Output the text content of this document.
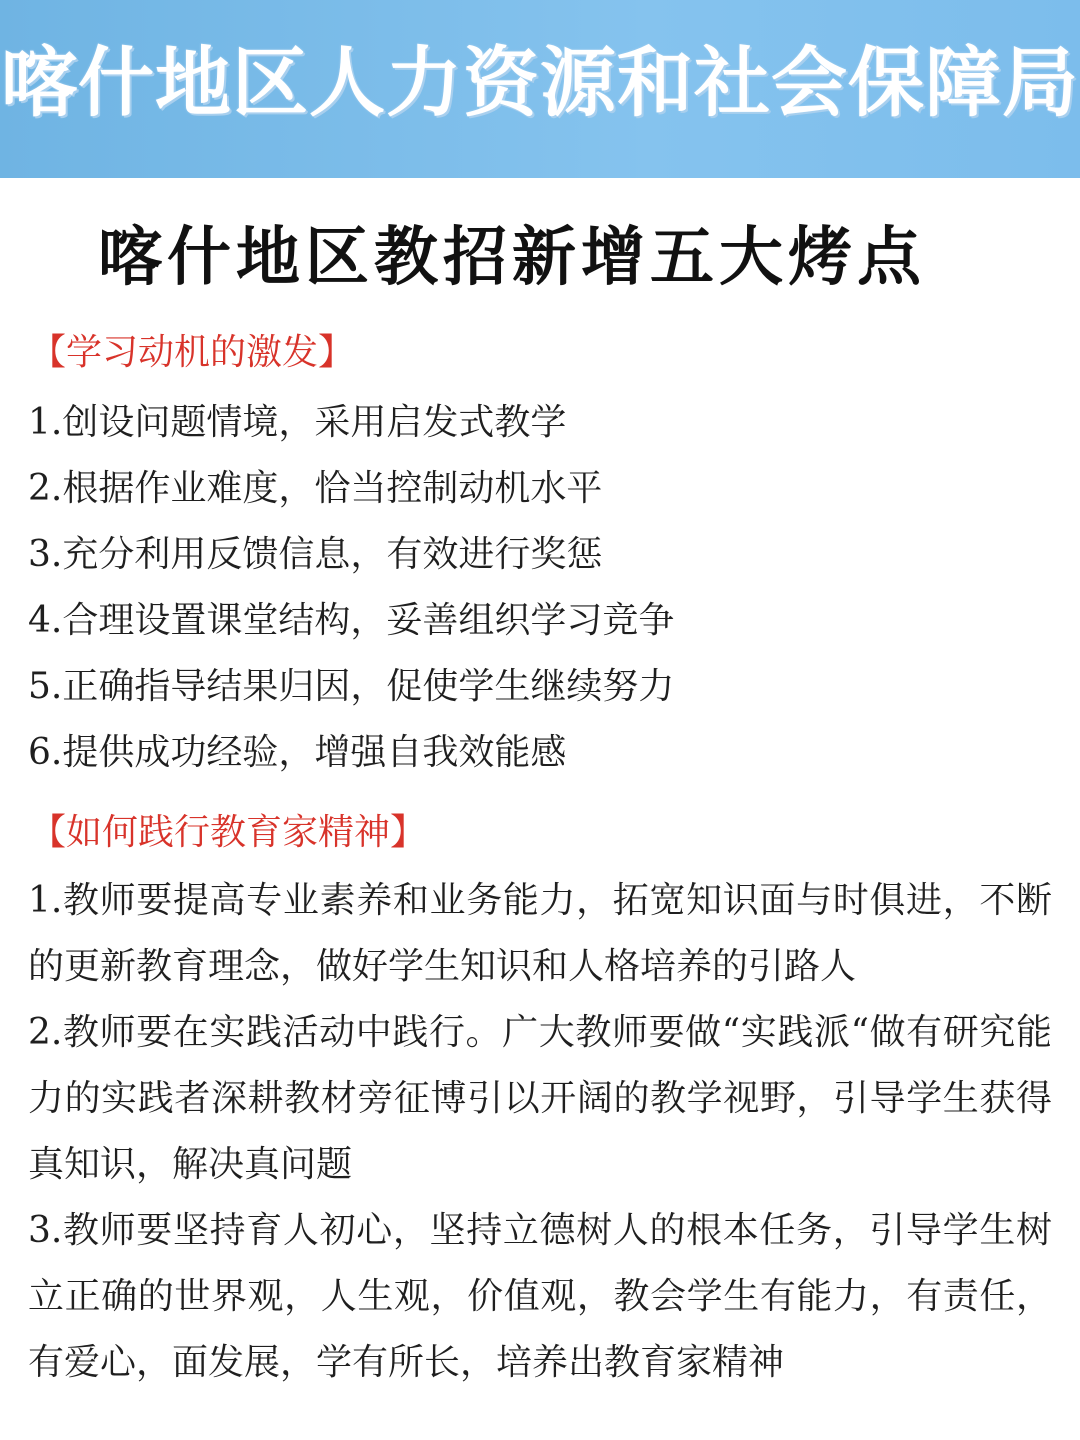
喀什地区人力资源和社会保障局
喀什地区教招新增五大烤点
【学习动机的激发】
1.创设问题情境，采用启发式教学
2.根据作业难度，恰当控制动机水平
3.充分利用反馈信息，有效进行奖惩
4.合理设置课堂结构，妥善组织学习竞争
5.正确指导结果归因，促使学生继续努力
6.提供成功经验，增强自我效能感
【如何践行教育家精神】
1.教师要提高专业素养和业务能力，拓宽知识面与时俱进，不断的更新教育理念，做好学生知识和人格培养的引路人
2.教师要在实践活动中践行。广大教师要做“实践派“做有研究能力的实践者深耕教材旁征博引以开阔的教学视野，引导学生获得真知识，解决真问题
3.教师要坚持育人初心，坚持立德树人的根本任务，引导学生树立正确的世界观，人生观，价值观，教会学生有能力，有责任，有爱心，面发展，学有所长，培养出教育家精神
